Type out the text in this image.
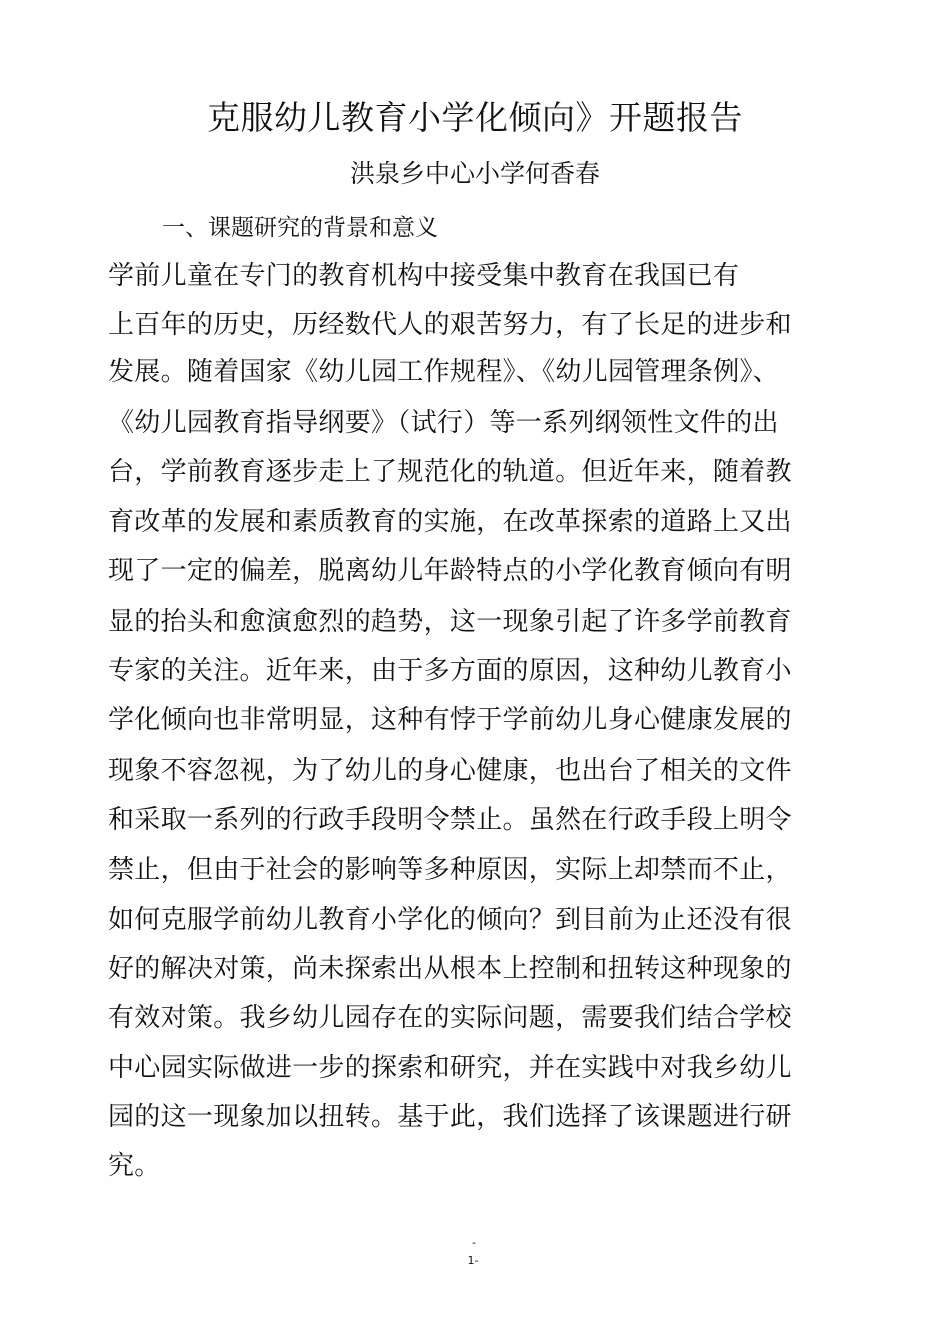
克服幼儿教育小学化倾向》开题报告
洪泉乡中心小学何香春
一、课题研究的背景和意义
学前儿童在专门的教育机构中接受集中教育在我国已有
上百年的历史，历经数代人的艰苦努力，有了长足的进步和
发展。随着国家《幼儿园工作规程》、《幼儿园管理条例》、
《幼儿园教育指导纲要》（试行）等一系列纲领性文件的出
台，学前教育逐步走上了规范化的轨道。但近年来，随着教
育改革的发展和素质教育的实施，在改革探索的道路上又出
现了一定的偏差，脱离幼儿年龄特点的小学化教育倾向有明
显的抬头和愈演愈烈的趋势，这一现象引起了许多学前教育
专家的关注。近年来，由于多方面的原因，这种幼儿教育小
学化倾向也非常明显，这种有悖于学前幼儿身心健康发展的
现象不容忽视，为了幼儿的身心健康，也出台了相关的文件
和采取一系列的行政手段明令禁止。虽然在行政手段上明令
禁止，但由于社会的影响等多种原因，实际上却禁而不止，
如何克服学前幼儿教育小学化的倾向？到目前为止还没有很
好的解决对策，尚未探索出从根本上控制和扭转这种现象的
有效对策。我乡幼儿园存在的实际问题，需要我们结合学校
中心园实际做进一步的探索和研究，并在实践中对我乡幼儿
园的这一现象加以扭转。基于此，我们选择了该课题进行研
究。
-
1-
